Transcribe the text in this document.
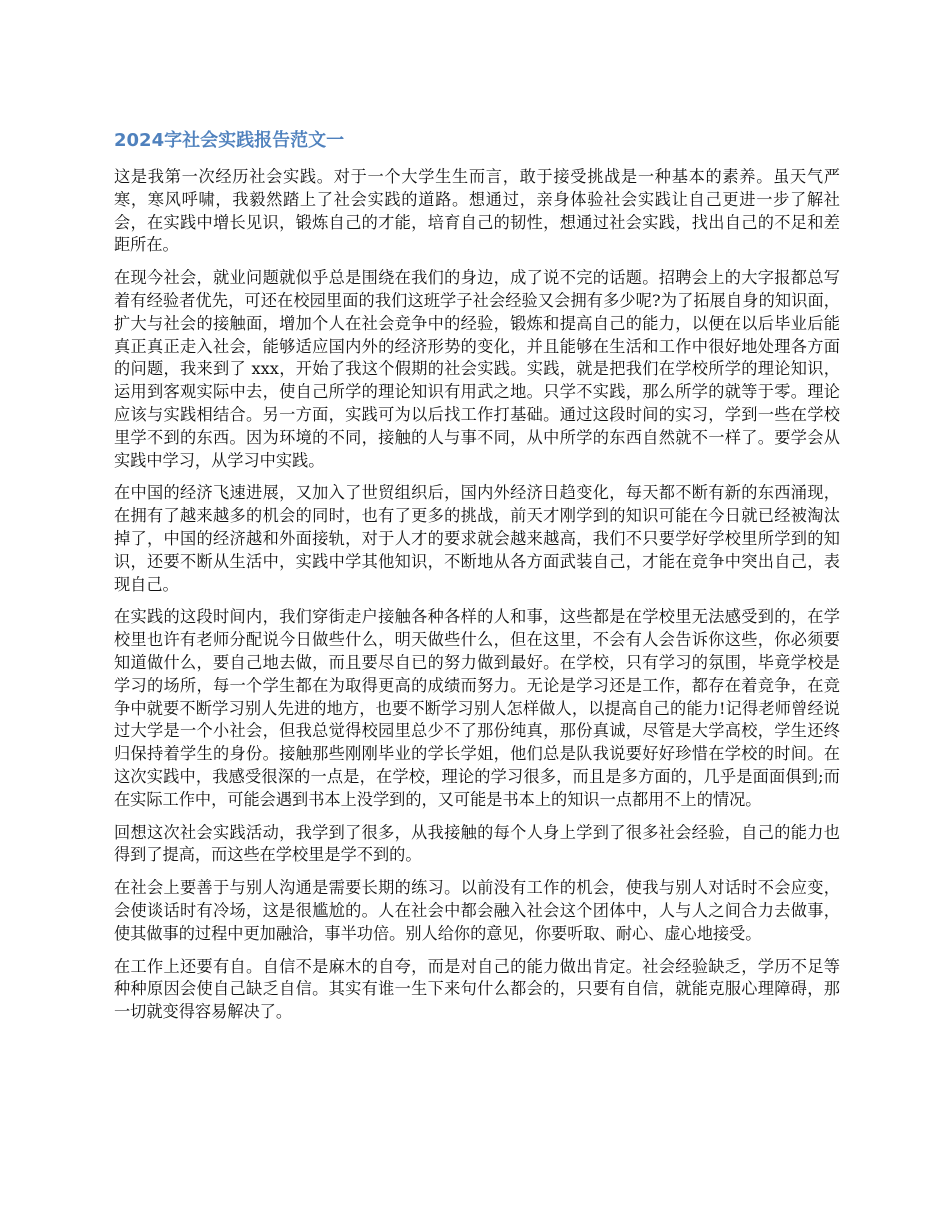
2024字社会实践报告范文一

这是我第一次经历社会实践。对于一个大学生生而言，敢于接受挑战是一种基本的素养。虽天气严寒，寒风呼啸，我毅然踏上了社会实践的道路。想通过，亲身体验社会实践让自己更进一步了解社会，在实践中增长见识，锻炼自己的才能，培育自己的韧性，想通过社会实践，找出自己的不足和差距所在。

在现今社会，就业问题就似乎总是围绕在我们的身边，成了说不完的话题。招聘会上的大字报都总写着有经验者优先，可还在校园里面的我们这班学子社会经验又会拥有多少呢?为了拓展自身的知识面，扩大与社会的接触面，增加个人在社会竞争中的经验，锻炼和提高自己的能力，以便在以后毕业后能真正真正走入社会，能够适应国内外的经济形势的变化，并且能够在生活和工作中很好地处理各方面的问题，我来到了 xxx，开始了我这个假期的社会实践。实践，就是把我们在学校所学的理论知识，运用到客观实际中去，使自己所学的理论知识有用武之地。只学不实践，那么所学的就等于零。理论应该与实践相结合。另一方面，实践可为以后找工作打基础。通过这段时间的实习，学到一些在学校里学不到的东西。因为环境的不同，接触的人与事不同，从中所学的东西自然就不一样了。要学会从实践中学习，从学习中实践。

在中国的经济飞速进展，又加入了世贸组织后，国内外经济日趋变化，每天都不断有新的东西涌现，在拥有了越来越多的机会的同时，也有了更多的挑战，前天才刚学到的知识可能在今日就已经被淘汰掉了，中国的经济越和外面接轨，对于人才的要求就会越来越高，我们不只要学好学校里所学到的知识，还要不断从生活中，实践中学其他知识，不断地从各方面武装自己，才能在竞争中突出自己，表现自己。

在实践的这段时间内，我们穿街走户接触各种各样的人和事，这些都是在学校里无法感受到的，在学校里也许有老师分配说今日做些什么，明天做些什么，但在这里，不会有人会告诉你这些，你必须要知道做什么，要自己地去做，而且要尽自已的努力做到最好。在学校，只有学习的氛围，毕竟学校是学习的场所，每一个学生都在为取得更高的成绩而努力。无论是学习还是工作，都存在着竞争，在竞争中就要不断学习别人先进的地方，也要不断学习别人怎样做人，以提高自己的能力!记得老师曾经说过大学是一个小社会，但我总觉得校园里总少不了那份纯真，那份真诚，尽管是大学高校，学生还终归保持着学生的身份。接触那些刚刚毕业的学长学姐，他们总是队我说要好好珍惜在学校的时间。在这次实践中，我感受很深的一点是，在学校，理论的学习很多，而且是多方面的，几乎是面面俱到;而在实际工作中，可能会遇到书本上没学到的，又可能是书本上的知识一点都用不上的情况。

回想这次社会实践活动，我学到了很多，从我接触的每个人身上学到了很多社会经验，自己的能力也得到了提高，而这些在学校里是学不到的。

在社会上要善于与别人沟通是需要长期的练习。以前没有工作的机会，使我与别人对话时不会应变，会使谈话时有冷场，这是很尴尬的。人在社会中都会融入社会这个团体中，人与人之间合力去做事，使其做事的过程中更加融洽，事半功倍。别人给你的意见，你要听取、耐心、虚心地接受。

在工作上还要有自。自信不是麻木的自夸，而是对自己的能力做出肯定。社会经验缺乏，学历不足等种种原因会使自己缺乏自信。其实有谁一生下来句什么都会的，只要有自信，就能克服心理障碍，那一切就变得容易解决了。
